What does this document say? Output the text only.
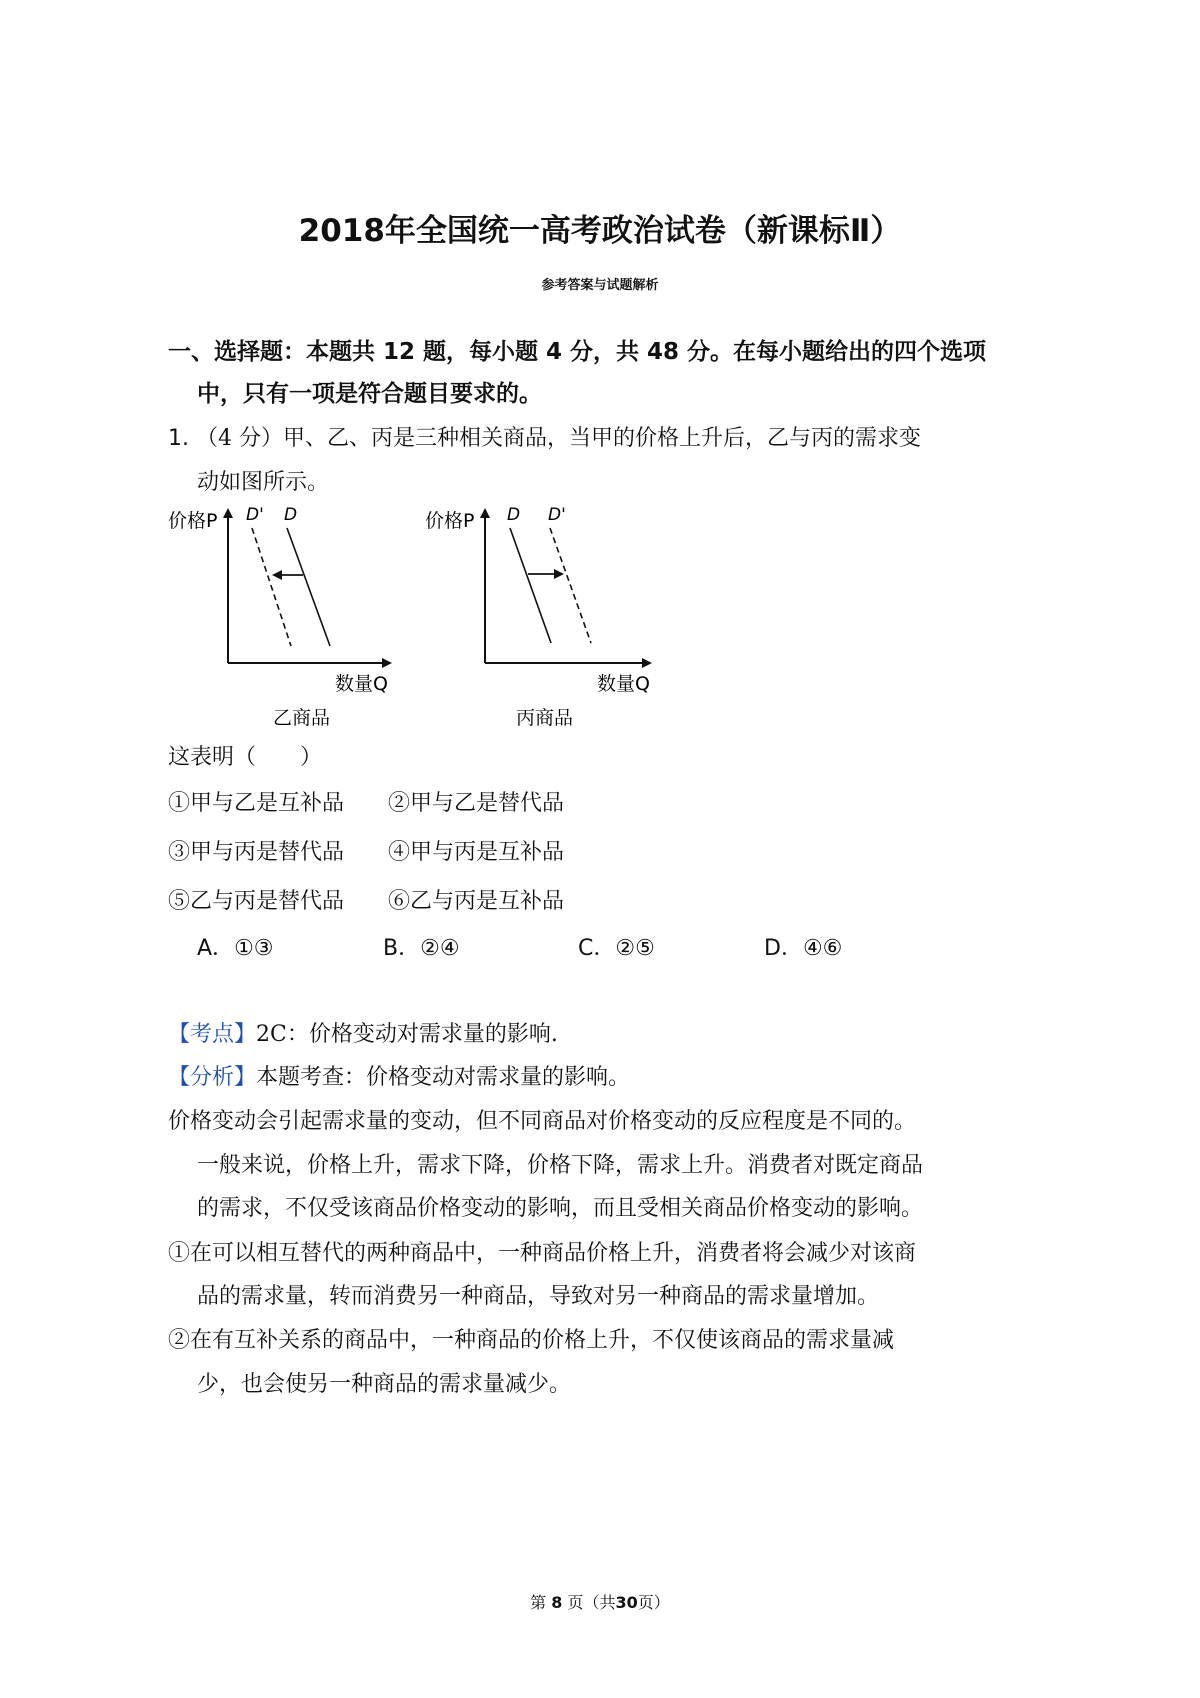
2018年全国统一高考政治试卷（新课标Ⅱ）
参考答案与试题解析
一、选择题：本题共 12 题，每小题 4 分，共 48 分。在每小题给出的四个选项
中，只有一项是符合题目要求的。
1. （4 分）甲、乙、丙是三种相关商品，当甲的价格上升后，乙与丙的需求变
动如图所示。
价格P
数量Q
D' D
乙商品
价格P
数量Q
D D'
丙商品
这表明（　　）
①甲与乙是互补品 ②甲与乙是替代品
③甲与丙是替代品 ④甲与丙是互补品
⑤乙与丙是替代品 ⑥乙与丙是互补品
A．①③	B．②④	C．②⑤	D．④⑥
【考点】2C：价格变动对需求量的影响.
【分析】本题考查：价格变动对需求量的影响。
价格变动会引起需求量的变动，但不同商品对价格变动的反应程度是不同的。
一般来说，价格上升，需求下降，价格下降，需求上升。消费者对既定商品
的需求，不仅受该商品价格变动的影响，而且受相关商品价格变动的影响。
①在可以相互替代的两种商品中，一种商品价格上升，消费者将会减少对该商
品的需求量，转而消费另一种商品，导致对另一种商品的需求量增加。
②在有互补关系的商品中，一种商品的价格上升，不仅使该商品的需求量减
少，也会使另一种商品的需求量减少。
第 8 页（共30页）
